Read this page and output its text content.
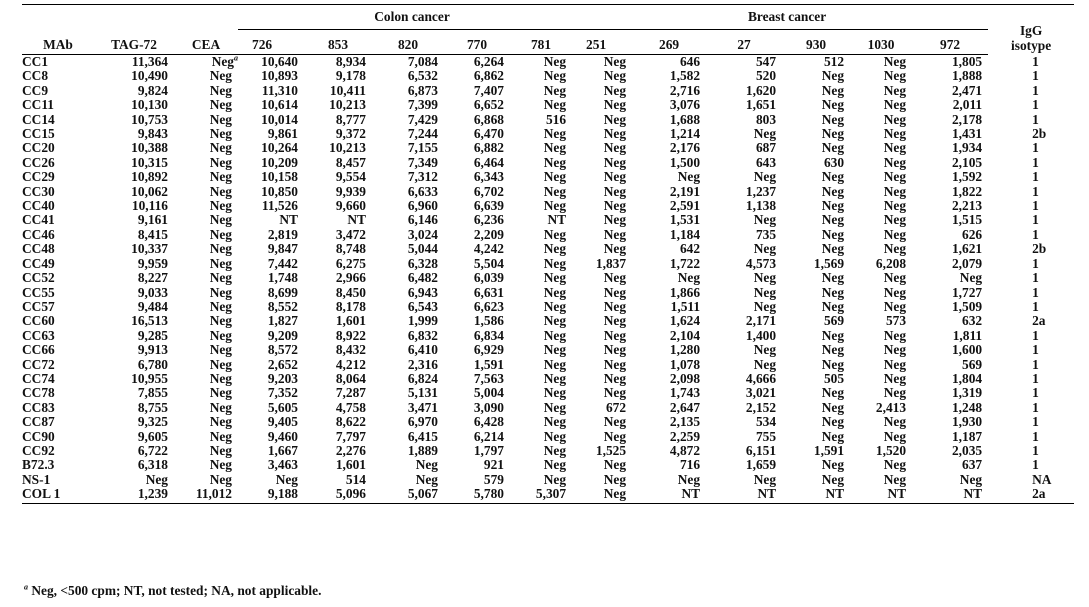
			Colon cancer					Breast cancer						IgG
isotype
MAb	TAG-72	CEA	726	853	820	770	781	251	269	27	930	1030	972	
CC1	11,364	Neg$^a$	10,640	8,934	7,084	6,264	Neg	Neg	646	547	512	Neg	1,805	1
CC8	10,490	Neg	10,893	9,178	6,532	6,862	Neg	Neg	1,582	520	Neg	Neg	1,888	1
CC9	9,824	Neg	11,310	10,411	6,873	7,407	Neg	Neg	2,716	1,620	Neg	Neg	2,471	1
CC11	10,130	Neg	10,614	10,213	7,399	6,652	Neg	Neg	3,076	1,651	Neg	Neg	2,011	1
CC14	10,753	Neg	10,014	8,777	7,429	6,868	516	Neg	1,688	803	Neg	Neg	2,178	1
CC15	9,843	Neg	9,861	9,372	7,244	6,470	Neg	Neg	1,214	Neg	Neg	Neg	1,431	2b
CC20	10,388	Neg	10,264	10,213	7,155	6,882	Neg	Neg	2,176	687	Neg	Neg	1,934	1
CC26	10,315	Neg	10,209	8,457	7,349	6,464	Neg	Neg	1,500	643	630	Neg	2,105	1
CC29	10,892	Neg	10,158	9,554	7,312	6,343	Neg	Neg	Neg	Neg	Neg	Neg	1,592	1
CC30	10,062	Neg	10,850	9,939	6,633	6,702	Neg	Neg	2,191	1,237	Neg	Neg	1,822	1
CC40	10,116	Neg	11,526	9,660	6,960	6,639	Neg	Neg	2,591	1,138	Neg	Neg	2,213	1
CC41	9,161	Neg	NT	NT	6,146	6,236	NT	Neg	1,531	Neg	Neg	Neg	1,515	1
CC46	8,415	Neg	2,819	3,472	3,024	2,209	Neg	Neg	1,184	735	Neg	Neg	626	1
CC48	10,337	Neg	9,847	8,748	5,044	4,242	Neg	Neg	642	Neg	Neg	Neg	1,621	2b
CC49	9,959	Neg	7,442	6,275	6,328	5,504	Neg	1,837	1,722	4,573	1,569	6,208	2,079	1
CC52	8,227	Neg	1,748	2,966	6,482	6,039	Neg	Neg	Neg	Neg	Neg	Neg	Neg	1
CC55	9,033	Neg	8,699	8,450	6,943	6,631	Neg	Neg	1,866	Neg	Neg	Neg	1,727	1
CC57	9,484	Neg	8,552	8,178	6,543	6,623	Neg	Neg	1,511	Neg	Neg	Neg	1,509	1
CC60	16,513	Neg	1,827	1,601	1,999	1,586	Neg	Neg	1,624	2,171	569	573	632	2a
CC63	9,285	Neg	9,209	8,922	6,832	6,834	Neg	Neg	2,104	1,400	Neg	Neg	1,811	1
CC66	9,913	Neg	8,572	8,432	6,410	6,929	Neg	Neg	1,280	Neg	Neg	Neg	1,600	1
CC72	6,780	Neg	2,652	4,212	2,316	1,591	Neg	Neg	1,078	Neg	Neg	Neg	569	1
CC74	10,955	Neg	9,203	8,064	6,824	7,563	Neg	Neg	2,098	4,666	505	Neg	1,804	1
CC78	7,855	Neg	7,352	7,287	5,131	5,004	Neg	Neg	1,743	3,021	Neg	Neg	1,319	1
CC83	8,755	Neg	5,605	4,758	3,471	3,090	Neg	672	2,647	2,152	Neg	2,413	1,248	1
CC87	9,325	Neg	9,405	8,622	6,970	6,428	Neg	Neg	2,135	534	Neg	Neg	1,930	1
CC90	9,605	Neg	9,460	7,797	6,415	6,214	Neg	Neg	2,259	755	Neg	Neg	1,187	1
CC92	6,722	Neg	1,667	2,276	1,889	1,797	Neg	1,525	4,872	6,151	1,591	1,520	2,035	1
B72.3	6,318	Neg	3,463	1,601	Neg	921	Neg	Neg	716	1,659	Neg	Neg	637	1
NS-1	Neg	Neg	Neg	514	Neg	579	Neg	Neg	Neg	Neg	Neg	Neg	Neg	NA
COL 1	1,239	11,012	9,188	5,096	5,067	5,780	5,307	Neg	NT	NT	NT	NT	NT	2a
$^a$ Neg, <500 cpm; NT, not tested; NA, not applicable.
